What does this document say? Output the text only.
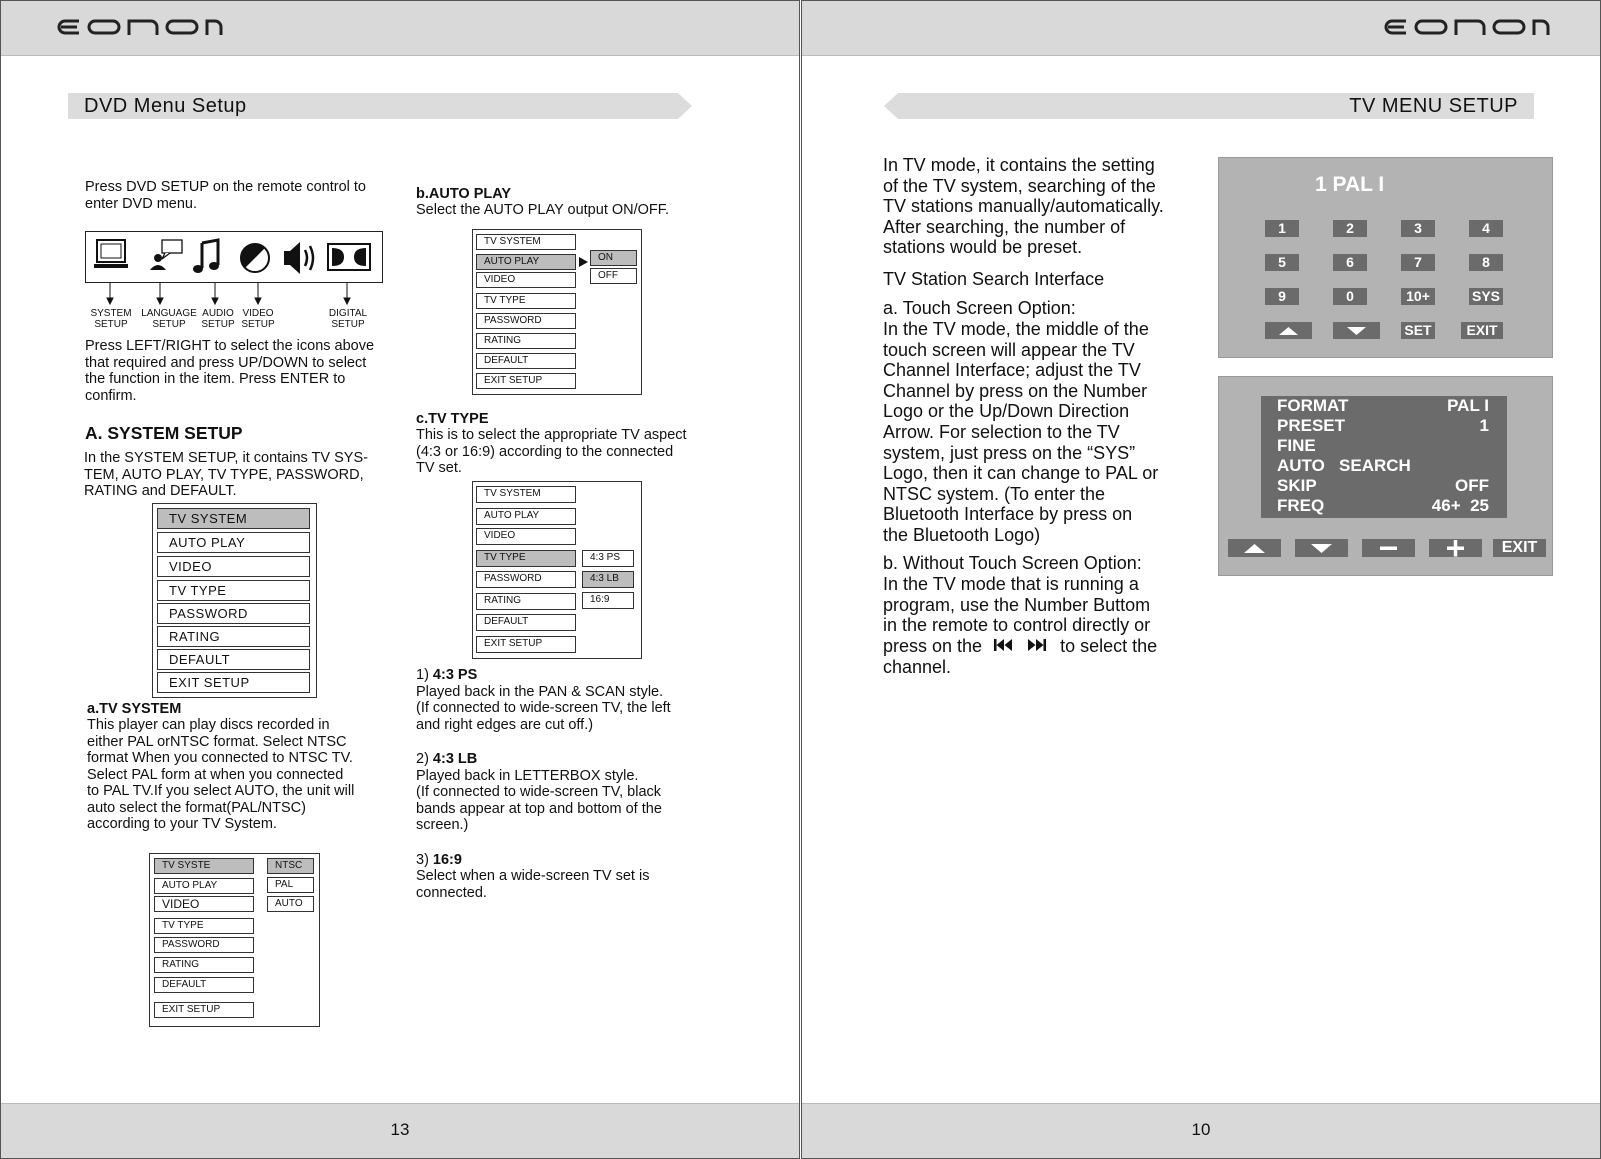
DVD Menu Setup

Press DVD SETUP on the remote control to
enter DVD menu.

SYSTEM
SETUP
LANGUAGE
SETUP
AUDIO
SETUP
VIDEO
SETUP
DIGITAL
SETUP

Press LEFT/RIGHT to select the icons above
that required and press UP/DOWN to select
the function in the item. Press ENTER to
confirm.

A. SYSTEM SETUP

In the SYSTEM SETUP, it contains TV SYS-
TEM, AUTO PLAY, TV TYPE, PASSWORD,
RATING and DEFAULT.

TV SYSTEM
AUTO PLAY
VIDEO
TV TYPE
PASSWORD
RATING
DEFAULT
EXIT SETUP

a.TV SYSTEM

This player can play discs recorded in
either PAL orNTSC format. Select NTSC
format When you connected to NTSC TV.
Select PAL form at when you connected
to PAL TV.If you select AUTO, the unit will
auto select the format(PAL/NTSC)
according to your TV System.

TV SYSTE
AUTO PLAY
VIDEO
TV TYPE
PASSWORD
RATING
DEFAULT
EXIT SETUP
NTSC
PAL
AUTO

b.AUTO PLAY

Select the AUTO PLAY output ON/OFF.

TV SYSTEM
AUTO PLAY
VIDEO
TV TYPE
PASSWORD
RATING
DEFAULT
EXIT SETUP
ON
OFF

c.TV TYPE

This is to select the appropriate TV aspect
(4:3 or 16:9) according to the connected
TV set.

TV SYSTEM
AUTO PLAY
VIDEO
TV TYPE
PASSWORD
RATING
DEFAULT
EXIT SETUP
4:3 PS
4:3 LB
16:9

1) 4:3 PS

Played back in the PAN & SCAN style.
(If connected to wide-screen TV, the left
and right edges are cut off.)

2) 4:3 LB

Played back in LETTERBOX style.
(If connected to wide-screen TV, black
bands appear at top and bottom of the
screen.)

3) 16:9

Select when a wide-screen TV set is
connected.

13
TV MENU SETUP

In TV mode, it contains the setting
of the TV system, searching of the
TV stations manually/automatically.
After searching, the number of
stations would be preset.

TV Station Search Interface

a. Touch Screen Option:

In the TV mode, the middle of the
touch screen will appear the TV
Channel Interface; adjust the TV
Channel by press on the Number
Logo or the Up/Down Direction
Arrow. For selection to the TV
system, just press on the “SYS”
Logo, then it can change to PAL or
NTSC system. (To enter the
Bluetooth Interface by press on
the Bluetooth Logo)

b. Without Touch Screen Option:

In the TV mode that is running a
program, use the Number Buttom
in the remote to control directly or

press on the	to select the

channel.

1 PAL I
1	2	3	4
5	6	7	8
9	0	10+	SYS
SET	EXIT
FORMAT	PAL I
PRESET	1
FINE
AUTO   SEARCH
SKIP	OFF
FREQ	46+  25
EXIT
10
